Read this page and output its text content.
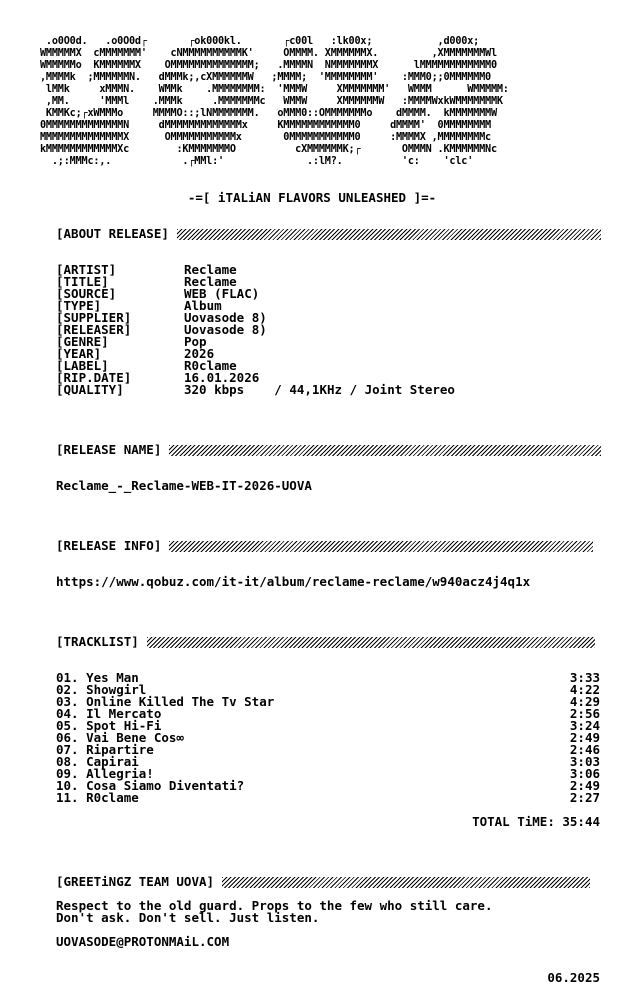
.o0O0d.   .o0O0d┌       ┌ok000kl.       ┌c00l   :lk00x;           ,d000x;
WMMMMMX  cMMMMMMM'    cNMMMMMMMMMMK'     OMMMM. XMMMMMMX.         ,XMMMMMMMWl
WMMMMMo  KMMMMMMX    OMMMMMMMMMMMMMM;   .MMMMN  NMMMMMMMX      lMMMMMMMMMMMM0
,MMMMk  ;MMMMMMN.   dMMMk;,cXMMMMMMW   ;MMMM;  'MMMMMMMM'    :MMM0;;0MMMMMM0
lMMk     xMMMN.    WMMk    .MMMMMMMM:  'MMMW     XMMMMMMM'   WMMM      WMMMMM:
,MM.     'MMMl    .MMMk     .MMMMMMMc   WMMW     XMMMMMMW   :MMMMWxkWMMMMMMMK
KMMKc;┌xWMMMo     MMMMO::;lNMMMMMMM.   oMMM0::OMMMMMMMo    dMMMM.  kMMMMMMMW
0MMMMMMMMMMMMMN     dMMMMMMMMMMMMMx     KMMMMMMMMMMMM0     dMMMM'  0MMMMMMMM
MMMMMMMMMMMMMMX      OMMMMMMMMMMMx       0MMMMMMMMMMM0     :MMMMX ,MMMMMMMMc
kMMMMMMMMMMMMXc        :KMMMMMMMO          cXMMMMMMK;┌       OMMMN .KMMMMMMNc
.;:MMMc:,.            .┌MMl:'              .:lM?.          'c:    'clc'
-=[ iTALiAN FLAVORS UNLEASHED ]=-
[ABOUT RELEASE]
[ARTIST]	Reclame
[TITLE]	Reclame
[SOURCE]	WEB (FLAC)
[TYPE]	Album
[SUPPLIER]	Uovasode 8)
[RELEASER]	Uovasode 8)
[GENRE]	Pop
[YEAR]	2026
[LABEL]	R0clame
[RIP.DATE]	16.01.2026
[QUALITY]	320 kbps    / 44,1KHz / Joint Stereo
[RELEASE NAME]
Reclame_-_Reclame-WEB-IT-2026-UOVA
[RELEASE INFO]
https://www.qobuz.com/it-it/album/reclame-reclame/w940acz4j4q1x
[TRACKLIST]
01. Yes Man	3:33
02. Showgirl	4:22
03. Online Killed The Tv Star	4:29
04. Il Mercato	2:56
05. Spot Hi-Fi	3:24
06. Vai Bene Cos∞	2:49
07. Ripartire	2:46
08. Capirai	3:03
09. Allegria!	3:06
10. Cosa Siamo Diventati?	2:49
11. R0clame	2:27
TOTAL TiME: 35:44
[GREETiNGZ TEAM UOVA]
Respect to the old guard. Props to the few who still care.
Don't ask. Don't sell. Just listen.
UOVASODE@PROTONMAiL.COM
06.2025
